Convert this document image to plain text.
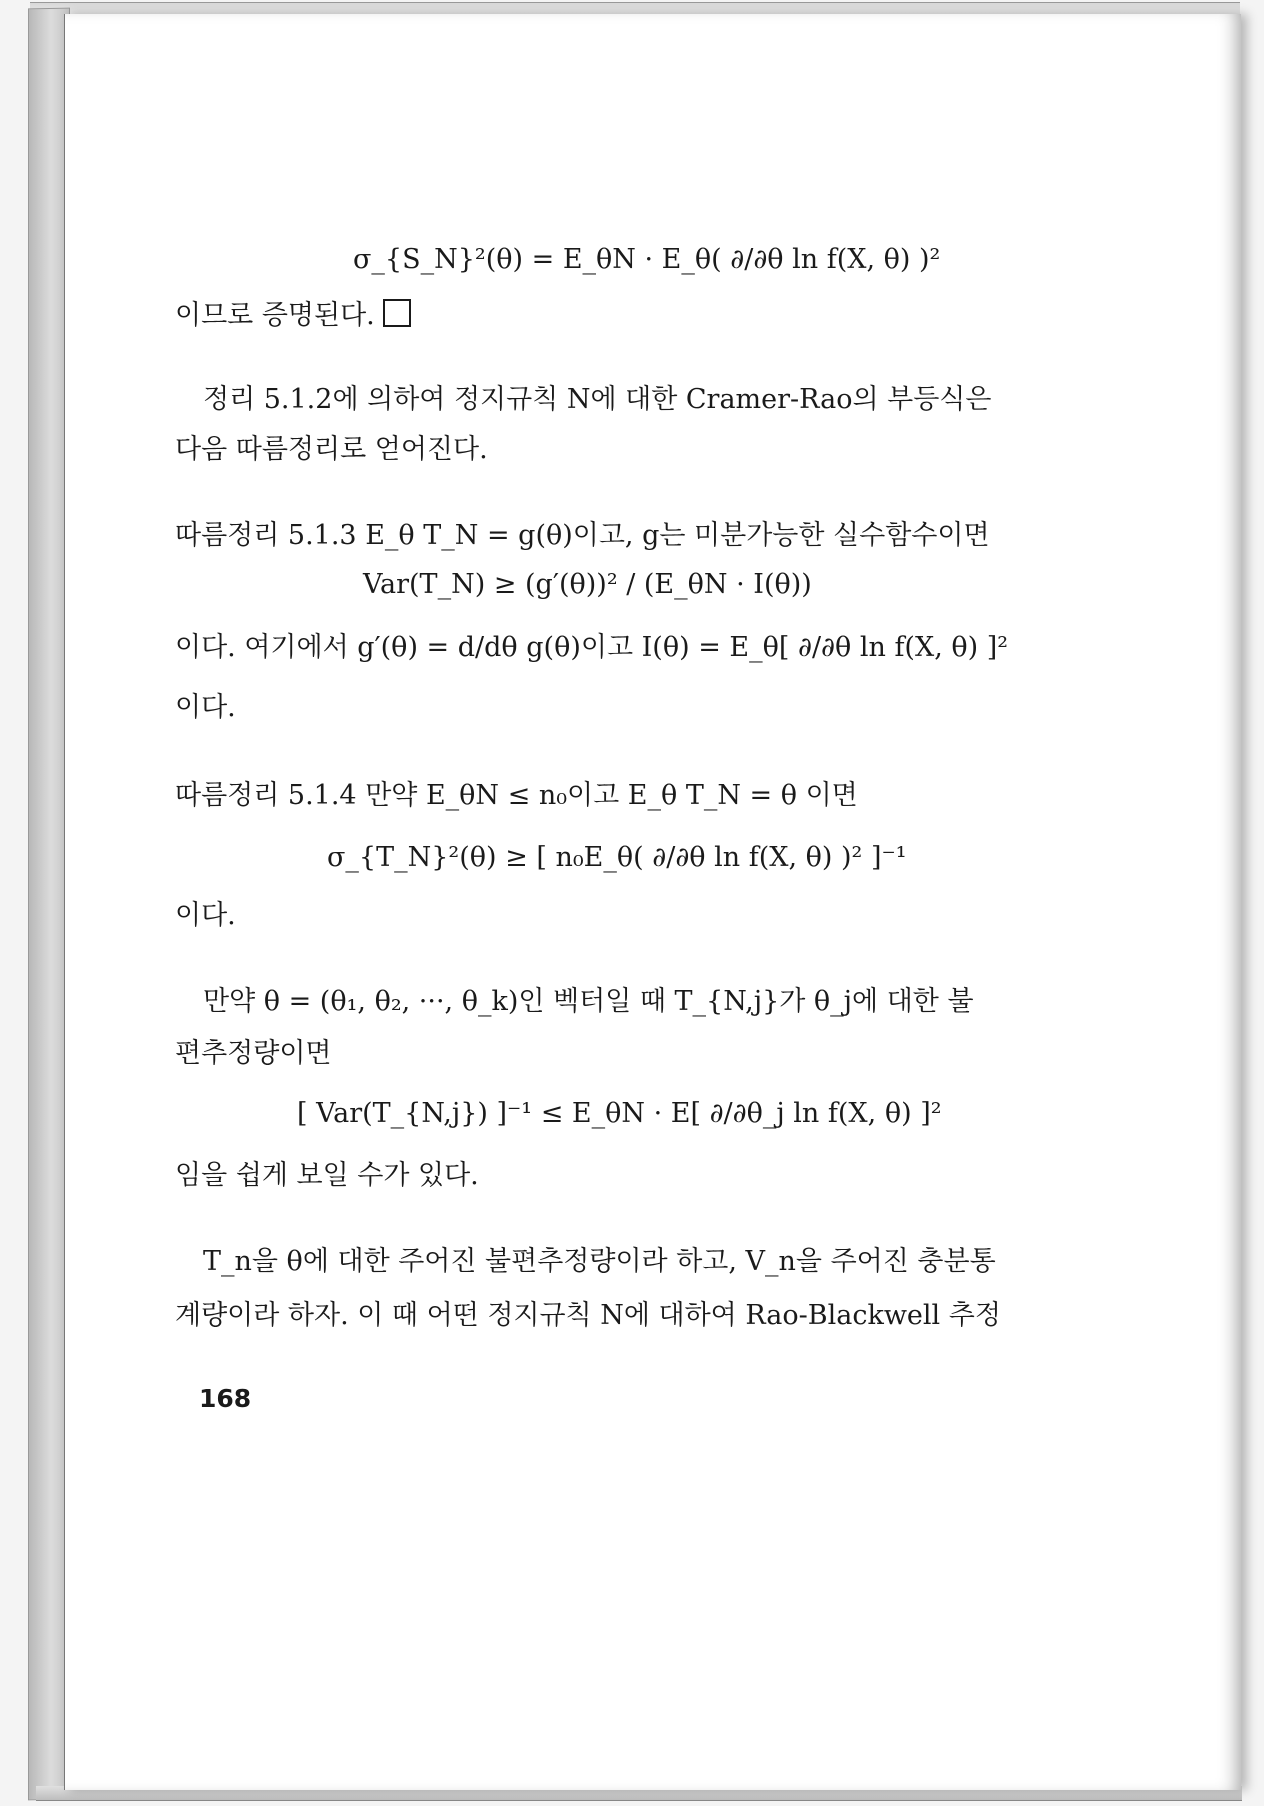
σ_{S_N}²(θ) = E_θN · E_θ( ∂/∂θ ln f(X, θ) )²
이므로 증명된다.
정리 5.1.2에 의하여 정지규칙 N에 대한 Cramer-Rao의 부등식은
다음 따름정리로 얻어진다.
따름정리 5.1.3 E_θ T_N = g(θ)이고, g는 미분가능한 실수함수이면
Var(T_N) ≥ (g′(θ))² / (E_θN · I(θ))
이다. 여기에서 g′(θ) = d/dθ g(θ)이고 I(θ) = E_θ[ ∂/∂θ ln f(X, θ) ]²
이다.
따름정리 5.1.4 만약 E_θN ≤ n₀이고 E_θ T_N = θ 이면
σ_{T_N}²(θ) ≥ [ n₀E_θ( ∂/∂θ ln f(X, θ) )² ]⁻¹
이다.
만약 θ = (θ₁, θ₂, ···, θ_k)인 벡터일 때 T_{N,j}가 θ_j에 대한 불
편추정량이면
[ Var(T_{N,j}) ]⁻¹ ≤ E_θN · E[ ∂/∂θ_j ln f(X, θ) ]²
임을 쉽게 보일 수가 있다.
T_n을 θ에 대한 주어진 불편추정량이라 하고, V_n을 주어진 충분통
계량이라 하자. 이 때 어떤 정지규칙 N에 대하여 Rao-Blackwell 추정
168
